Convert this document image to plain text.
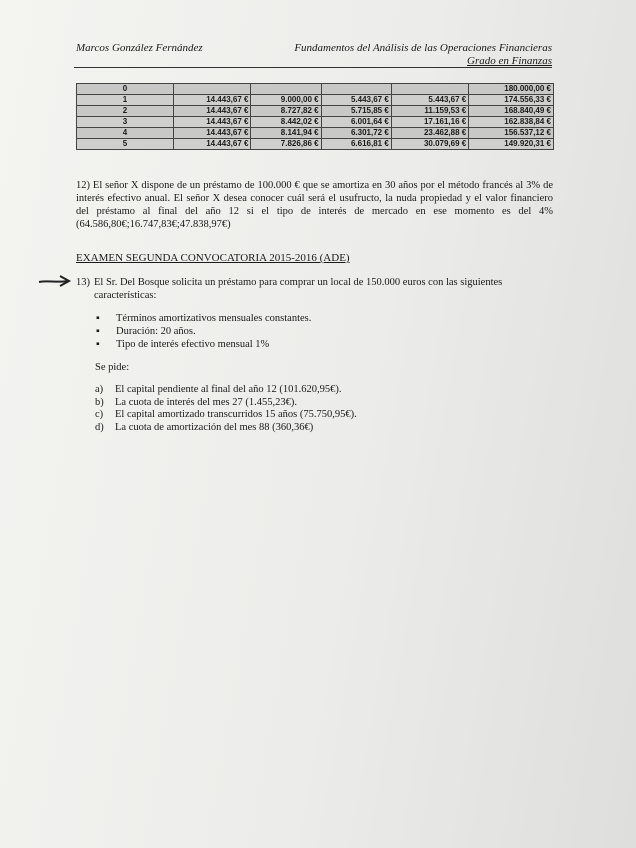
Marcos González Fernández	Fundamentos del Análisis de las Operaciones Financieras
Grado en Finanzas
0					180.000,00 €
1	14.443,67 €	9.000,00 €	5.443,67 €	5.443,67 €	174.556,33 €
2	14.443,67 €	8.727,82 €	5.715,85 €	11.159,53 €	168.840,49 €
3	14.443,67 €	8.442,02 €	6.001,64 €	17.161,16 €	162.838,84 €
4	14.443,67 €	8.141,94 €	6.301,72 €	23.462,88 €	156.537,12 €
5	14.443,67 €	7.826,86 €	6.616,81 €	30.079,69 €	149.920,31 €
12) El señor X dispone de un préstamo de 100.000 € que se amortiza en 30 años por el método francés al 3% de interés efectivo anual. El señor X desea conocer cuál será el usufructo, la nuda propiedad y el valor financiero del préstamo al final del año 12 si el tipo de interés de mercado en ese momento es del 4% (64.586,80€;16.747,83€;47.838,97€)
EXAMEN SEGUNDA CONVOCATORIA 2015-2016 (ADE)
13) El Sr. Del Bosque solicita un préstamo para comprar un local de 150.000 euros con las siguientes
características:
▪ Términos amortizativos mensuales constantes.
▪ Duración: 20 años.
▪ Tipo de interés efectivo mensual 1%
Se pide:
a) El capital pendiente al final del año 12 (101.620,95€).
b) La cuota de interés del mes 27 (1.455,23€).
c) El capital amortizado transcurridos 15 años (75.750,95€).
d) La cuota de amortización del mes 88 (360,36€)
